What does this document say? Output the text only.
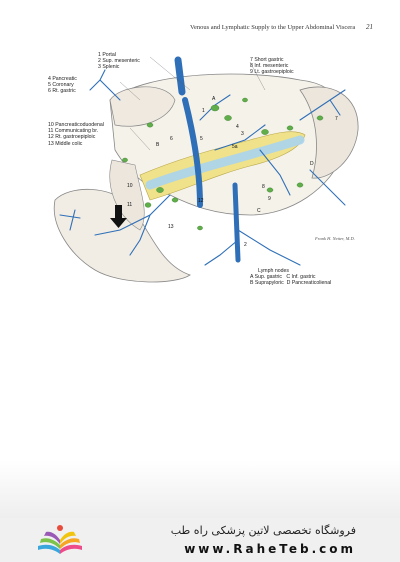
Venous and Lymphatic Supply to the Upper Abdominal Viscera 21
1
2
3
4
5
5a
6
7
8
9
10
11
12
13
A
B
C
D
Frank H. Netter, M.D.
1 Portal
2 Sup. mesenteric
3 Splenic
7 Short gastric
8 Inf. mesenteric
9 Lt. gastroepiploic
4 Pancreatic
5 Coronary
6 Rt. gastric
10 Pancreaticoduodenal
11 Communicating br.
12 Rt. gastroepiploic
13 Middle colic
Lymph nodes
A Sup. gastric C Inf. gastric
B Suprapyloric D Pancreaticolienal
فروشگاه تخصصی لاتین پزشکی راه طب
www.RaheTeb.com
